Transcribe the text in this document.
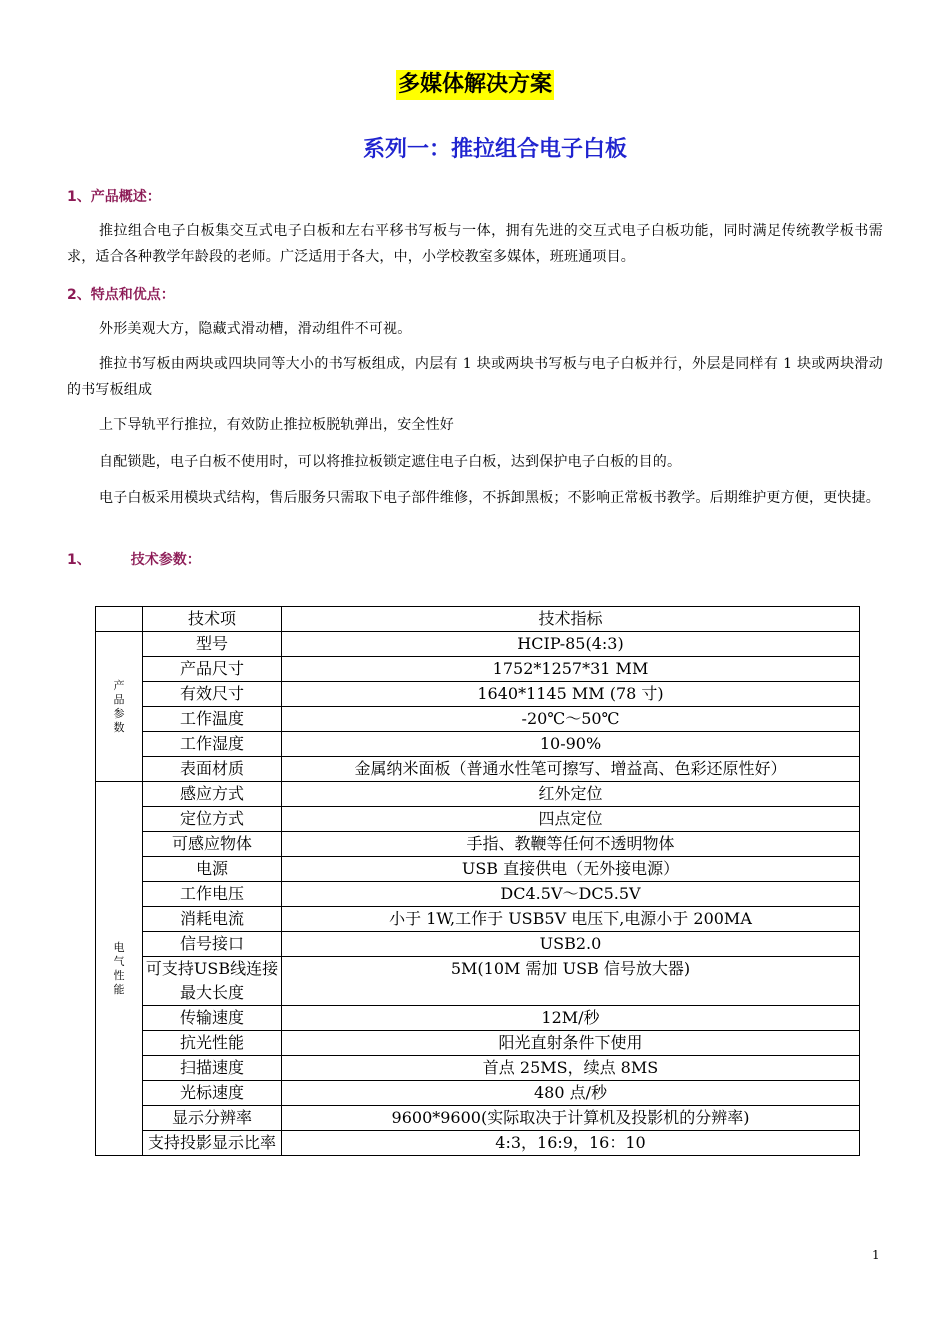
多媒体解决方案
系列一：推拉组合电子白板
1、产品概述：
推拉组合电子白板集交互式电子白板和左右平移书写板与一体，拥有先进的交互式电子白板功能，同时满足传统教学板书需求，适合各种教学年龄段的老师。广泛适用于各大，中，小学校教室多媒体，班班通项目。
2、特点和优点：
外形美观大方，隐藏式滑动槽，滑动组件不可视。
推拉书写板由两块或四块同等大小的书写板组成，内层有 1 块或两块书写板与电子白板并行，外层是同样有 1 块或两块滑动的书写板组成
上下导轨平行推拉，有效防止推拉板脱轨弹出，安全性好
自配锁匙，电子白板不使用时，可以将推拉板锁定遮住电子白板，达到保护电子白板的目的。
电子白板采用模块式结构，售后服务只需取下电子部件维修，不拆卸黑板；不影响正常板书教学。后期维护更方便，更快捷。
1、	技术参数：
	技术项	技术指标
产品参数	型号	HCIP-85(4:3)
	产品尺寸	1752*1257*31 MM
	有效尺寸	1640*1145 MM (78 寸)
	工作温度	-20℃～50℃
	工作湿度	10-90%
	表面材质	金属纳米面板（普通水性笔可擦写、增益高、色彩还原性好）
电气性能	感应方式	红外定位
	定位方式	四点定位
	可感应物体	手指、教鞭等任何不透明物体
	电源	USB 直接供电（无外接电源）
	工作电压	DC4.5V～DC5.5V
	消耗电流	小于 1W,工作于 USB5V 电压下,电源小于 200MA
	信号接口	USB2.0
	可支持USB线连接最大长度	5M(10M 需加 USB 信号放大器)
	传输速度	12M/秒
	抗光性能	阳光直射条件下使用
	扫描速度	首点 25MS，续点 8MS
	光标速度	480 点/秒
	显示分辨率	9600*9600(实际取决于计算机及投影机的分辨率)
	支持投影显示比率	4:3，16:9，16：10
1
